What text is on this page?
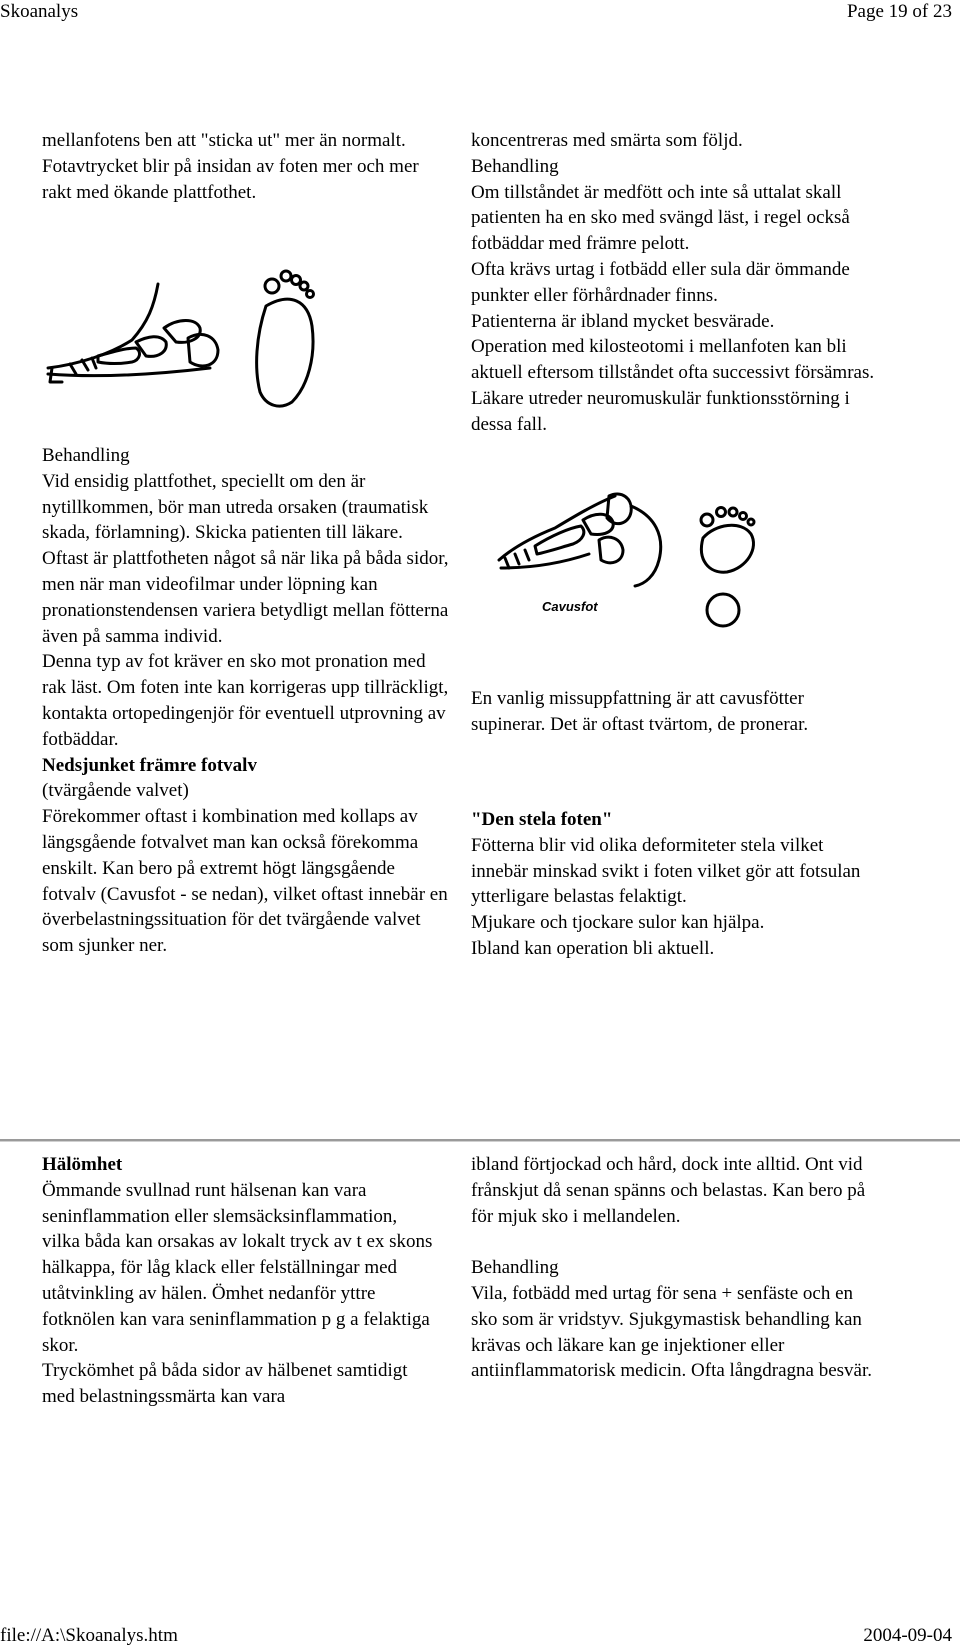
Skoanalys	Page 19 of 23

mellanfotens ben att "sticka ut" mer än normalt. Fotavtrycket blir på insidan av foten mer och mer rakt med ökande plattfothet.

Behandling

Vid ensidig plattfothet, speciellt om den är nytillkommen, bör man utreda orsaken (traumatisk skada, förlamning). Skicka patienten till läkare.

Oftast är plattfotheten något så när lika på båda sidor, men när man videofilmar under löpning kan pronationstendensen variera betydligt mellan fötterna även på samma individ.

Denna typ av fot kräver en sko mot pronation med rak läst. Om foten inte kan korrigeras upp tillräckligt, kontakta ortopedingenjör för eventuell utprovning av fotbäddar.

Nedsjunket främre fotvalv

(tvärgående valvet)

Förekommer oftast i kombination med kollaps av längsgående fotvalvet man kan också förekomma enskilt. Kan bero på extremt högt längsgående fotvalv (Cavusfot - se nedan), vilket oftast innebär en överbelastningssituation för det tvärgående valvet som sjunker ner.

koncentreras med smärta som följd.

Behandling

Om tillståndet är medfött och inte så uttalat skall patienten ha en sko med svängd läst, i regel också fotbäddar med främre pelott.

Ofta krävs urtag i fotbädd eller sula där ömmande punkter eller förhårdnader finns.

Patienterna är ibland mycket besvärade.

Operation med kilosteotomi i mellanfoten kan bli aktuell eftersom tillståndet ofta successivt försämras.

Läkare utreder neuromuskulär funktionsstörning i dessa fall.

Cavusfot

En vanlig missuppfattning är att cavusfötter supinerar. Det är oftast tvärtom, de pronerar.

"Den stela foten"

Fötterna blir vid olika deformiteter stela vilket innebär minskad svikt i foten vilket gör att fotsulan ytterligare belastas felaktigt.

Mjukare och tjockare sulor kan hjälpa.

Ibland kan operation bli aktuell.

Hälömhet

Ömmande svullnad runt hälsenan kan vara seninflammation eller slemsäcksinflammation, vilka båda kan orsakas av lokalt tryck av t ex skons hälkappa, för låg klack eller felställningar med utåtvinkling av hälen. Ömhet nedanför yttre fotknölen kan vara seninflammation p g a felaktiga skor.

Tryckömhet på båda sidor av hälbenet samtidigt med belastningssmärta kan vara

ibland förtjockad och hård, dock inte alltid. Ont vid frånskjut då senan spänns och belastas. Kan bero på för mjuk sko i mellandelen.

Behandling

Vila, fotbädd med urtag för sena + senfäste och en sko som är vridstyv. Sjukgymastisk behandling kan krävas och läkare kan ge injektioner eller antiinflammatorisk medicin. Ofta långdragna besvär.

file://A:\Skoanalys.htm	2004-09-04
